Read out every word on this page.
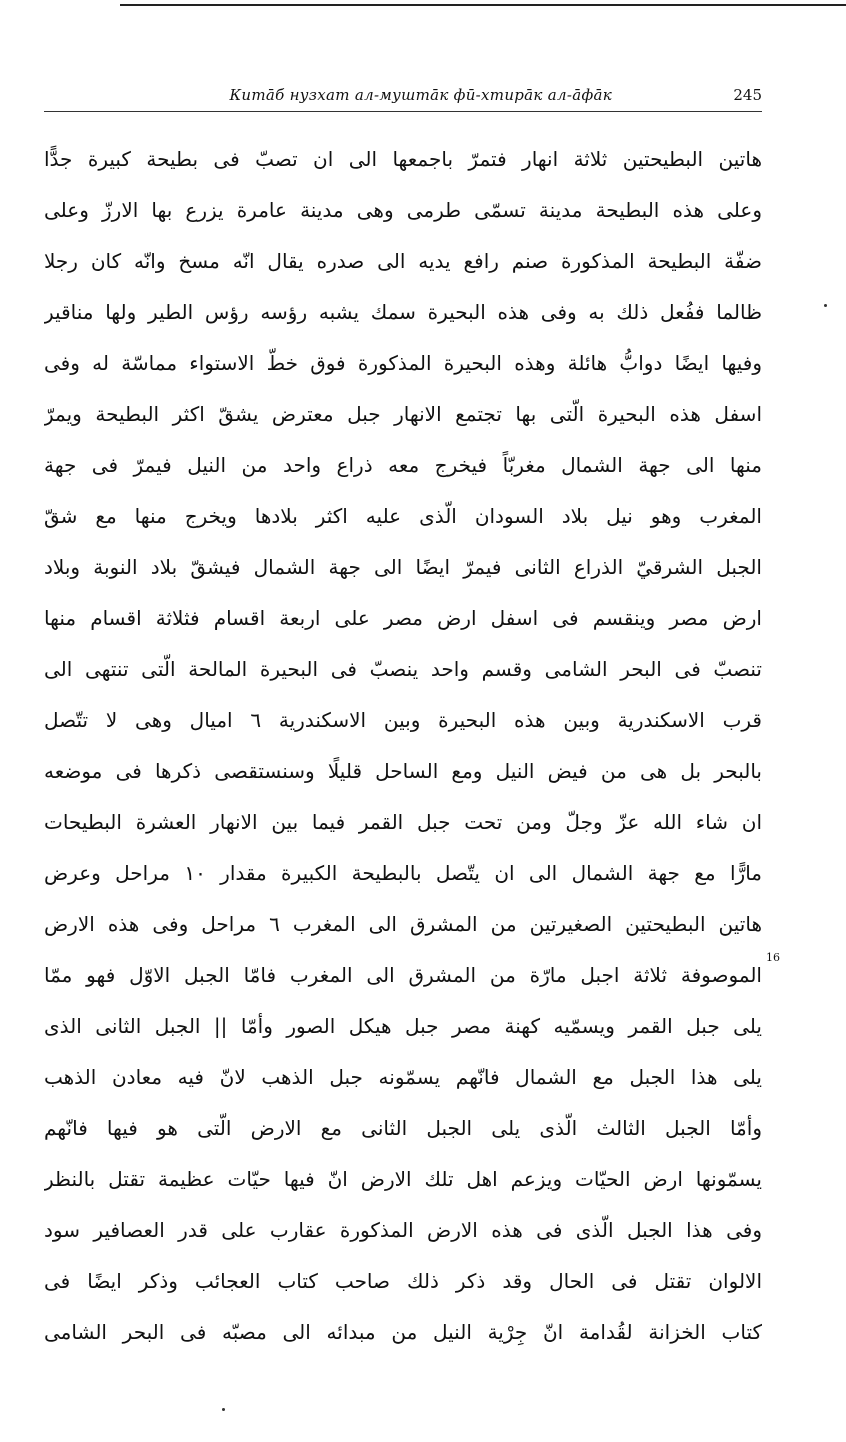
Китāб нузхат ал-муштāк фӣ-хтирāк ал-āфāк	245
هاتين البطيحتين ثلاثة انهار فتمرّ باجمعها الى ان تصبّ فى بطيحة كبيرة جدًّا
وعلى هذه البطيحة مدينة تسمّى طرمى وهى مدينة عامرة يزرع بها الارزّ وعلى
ضفّة البطيحة المذكورة صنم رافع يديه الى صدره يقال انّه مسخ وانّه كان رجلا
ظالما ففُعل ذلك به وفى هذه البحيرة سمك يشبه رؤسه رؤس الطير ولها مناقير
وفيها ايضًا دوابُّ هائلة وهذه البحيرة المذكورة فوق خطّ الاستواء مماسّة له وفى
اسفل هذه البحيرة الّتى بها تجتمع الانهار جبل معترض يشقّ اكثر البطيحة ويمرّ
منها الى جهة الشمال مغربّاً فيخرج معه ذراع واحد من النيل فيمرّ فى جهة
المغرب وهو نيل بلاد السودان الّذى عليه اكثر بلادها ويخرج منها مع شقّ
الجبل الشرقيّ الذراع الثانى فيمرّ ايضًا الى جهة الشمال فيشقّ بلاد النوبة وبلاد
ارض مصر وينقسم فى اسفل ارض مصر على اربعة اقسام فثلاثة اقسام منها
تنصبّ فى البحر الشامى وقسم واحد ينصبّ فى البحيرة المالحة الّتى تنتهى الى
قرب الاسكندرية وبين هذه البحيرة وبين الاسكندرية ٦ اميال وهى لا تتّصل
بالبحر بل هى من فيض النيل ومع الساحل قليلًا وسنستقصى ذكرها فى موضعه
ان شاء الله عزّ وجلّ ومن تحت جبل القمر فيما بين الانهار العشرة البطيحات
مارًّا مع جهة الشمال الى ان يتّصل بالبطيحة الكبيرة مقدار ١٠ مراحل وعرض
هاتين البطيحتين الصغيرتين من المشرق الى المغرب ٦ مراحل وفى هذه الارض
الموصوفة ثلاثة اجبل مارّة من المشرق الى المغرب فامّا الجبل الاوّل فهو ممّا
يلى جبل القمر ويسمّيه كهنة مصر جبل هيكل الصور وأمّا || الجبل الثانى الذى
يلى هذا الجبل مع الشمال فانّهم يسمّونه جبل الذهب لانّ فيه معادن الذهب
وأمّا الجبل الثالث الّذى يلى الجبل الثانى مع الارض الّتى هو فيها فانّهم
يسمّونها ارض الحيّات ويزعم اهل تلك الارض انّ فيها حيّات عظيمة تقتل بالنظر
وفى هذا الجبل الّذى فى هذه الارض المذكورة عقارب على قدر العصافير سود
الالوان تقتل فى الحال وقد ذكر ذلك صاحب كتاب العجائب وذكر ايضًا فى
كتاب الخزانة لقُدامة انّ جِرْية النيل من مبدائه الى مصبّه فى البحر الشامى
16
